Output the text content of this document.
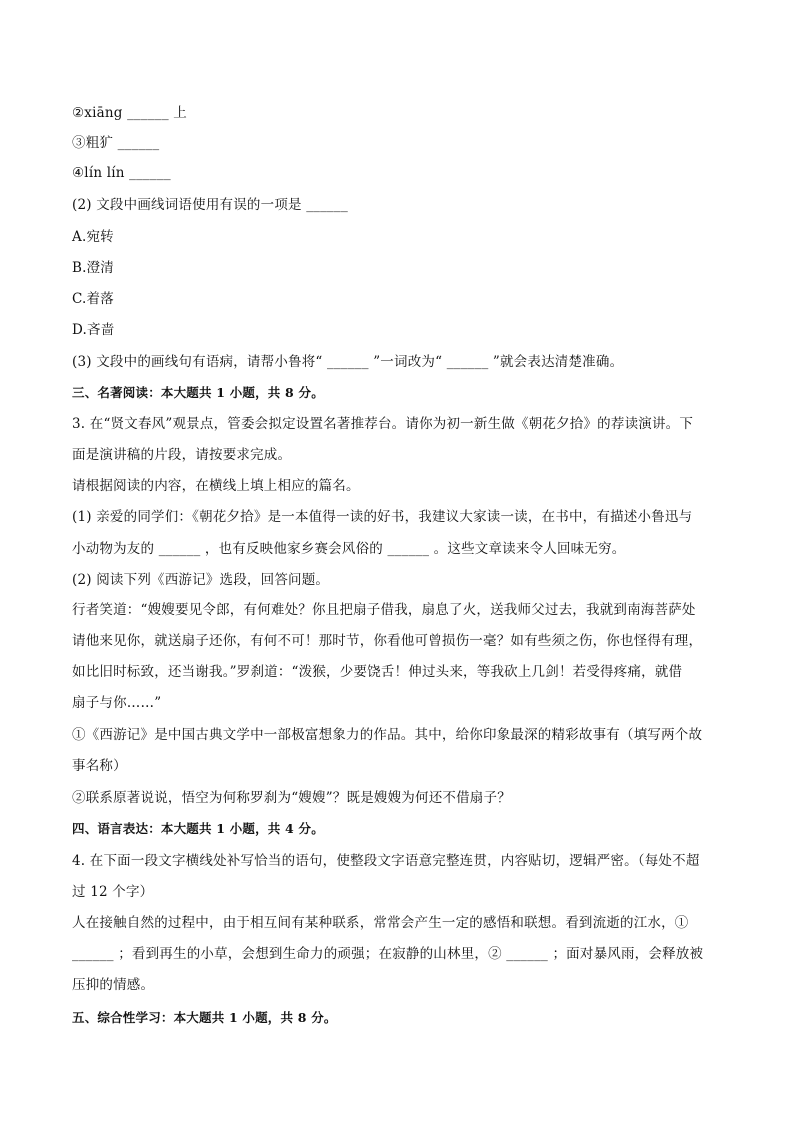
②xiāng ______ 上
③粗犷 ______
④lín lín ______
(2) 文段中画线词语使用有误的一项是 ______
A.宛转
B.澄清
C.着落
D.吝啬
(3) 文段中的画线句有语病，请帮小鲁将“ ______ ”一词改为“ ______ ”就会表达清楚准确。
三、名著阅读：本大题共 1 小题，共 8 分。
3. 在“贤文春风”观景点，管委会拟定设置名著推荐台。请你为初一新生做《朝花夕拾》的荐读演讲。下
面是演讲稿的片段，请按要求完成。
请根据阅读的内容，在横线上填上相应的篇名。
(1) 亲爱的同学们：《朝花夕拾》是一本值得一读的好书，我建议大家读一读，在书中，有描述小鲁迅与
小动物为友的 ______ ，也有反映他家乡赛会风俗的 ______ 。这些文章读来令人回味无穷。
(2) 阅读下列《西游记》选段，回答问题。
行者笑道：“嫂嫂要见令郎，有何难处？你且把扇子借我，扇息了火，送我师父过去，我就到南海菩萨处
请他来见你，就送扇子还你，有何不可！那时节，你看他可曾损伤一毫？如有些须之伤，你也怪得有理，
如比旧时标致，还当谢我。”罗刹道：“泼猴，少要饶舌！伸过头来，等我砍上几剑！若受得疼痛，就借
扇子与你……”
①《西游记》是中国古典文学中一部极富想象力的作品。其中，给你印象最深的精彩故事有（填写两个故
事名称）
②联系原著说说，悟空为何称罗刹为“嫂嫂”？既是嫂嫂为何还不借扇子？
四、语言表达：本大题共 1 小题，共 4 分。
4. 在下面一段文字横线处补写恰当的语句，使整段文字语意完整连贯，内容贴切，逻辑严密。（每处不超
过 12 个字）
人在接触自然的过程中，由于相互间有某种联系，常常会产生一定的感悟和联想。看到流逝的江水，①
______ ；看到再生的小草，会想到生命力的顽强；在寂静的山林里，② ______ ；面对暴风雨，会释放被
压抑的情感。
五、综合性学习：本大题共 1 小题，共 8 分。
